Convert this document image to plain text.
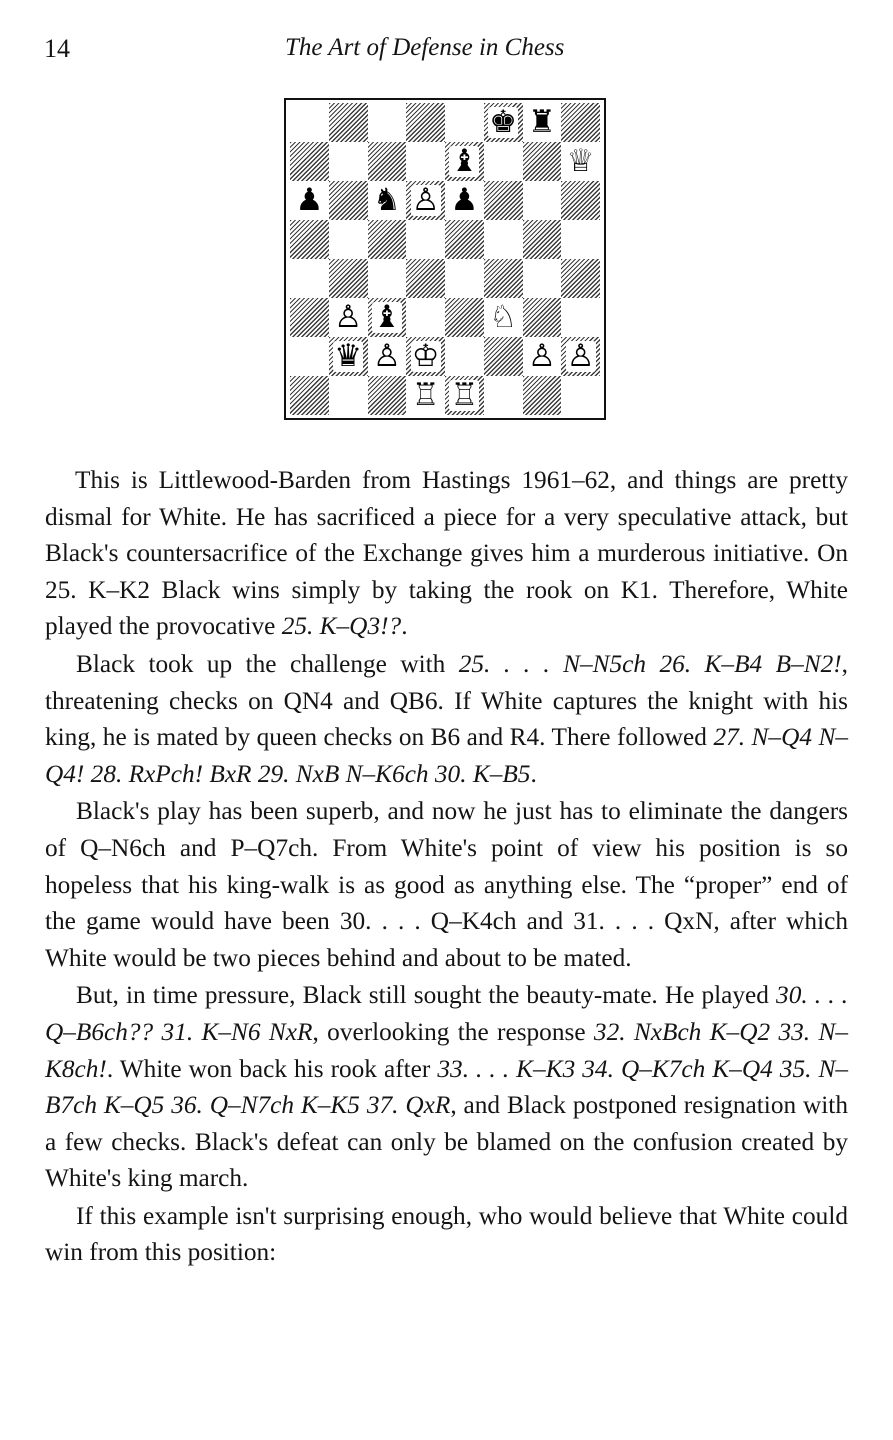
14	The Art of Defense in Chess
♚ ♜
♝	♕
♟ ♞ ♙ ♟
♙ ♝	♘
♛ ♙ ♔	♙ ♙
♖ ♖

This is Littlewood-Barden from Hastings 1961–62, and things are pretty dismal for White. He has sacrificed a piece for a very speculative attack, but Black's countersacrifice of the Exchange gives him a murderous initiative. On 25. K–K2 Black wins simply by taking the rook on K1. Therefore, White played the provocative 25. K–Q3!?.

Black took up the challenge with 25. . . . N–N5ch 26. K–B4 B–N2!, threatening checks on QN4 and QB6. If White captures the knight with his king, he is mated by queen checks on B6 and R4. There followed 27. N–Q4 N–Q4! 28. RxPch! BxR 29. NxB N–K6ch 30. K–B5.

Black's play has been superb, and now he just has to eliminate the dangers of Q–N6ch and P–Q7ch. From White's point of view his position is so hopeless that his king-walk is as good as anything else. The “proper” end of the game would have been 30. . . . Q–K4ch and 31. . . . QxN, after which White would be two pieces behind and about to be mated.

But, in time pressure, Black still sought the beauty-mate. He played 30. . . . Q–B6ch?? 31. K–N6 NxR, overlooking the response 32. NxBch K–Q2 33. N–K8ch!. White won back his rook after 33. . . . K–K3 34. Q–K7ch K–Q4 35. N–B7ch K–Q5 36. Q–N7ch K–K5 37. QxR, and Black postponed resignation with a few checks. Black's defeat can only be blamed on the confusion created by White's king march.

If this example isn't surprising enough, who would believe that White could win from this position:
